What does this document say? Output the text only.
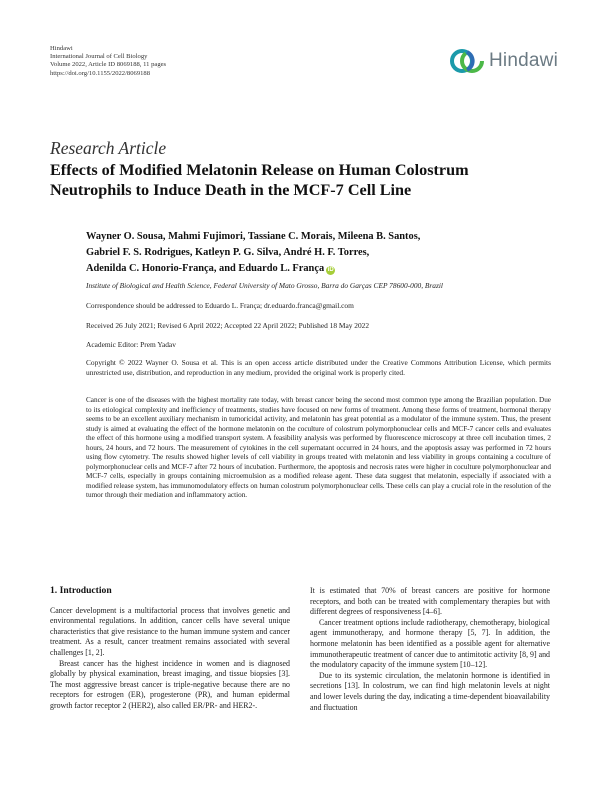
Hindawi
International Journal of Cell Biology
Volume 2022, Article ID 8069188, 11 pages
https://doi.org/10.1155/2022/8069188
Hindawi
Research Article
Effects of Modified Melatonin Release on Human Colostrum Neutrophils to Induce Death in the MCF-7 Cell Line
Wayner O. Sousa, Mahmi Fujimori, Tassiane C. Morais, Mileena B. Santos,
Gabriel F. S. Rodrigues, Katleyn P. G. Silva, André H. F. Torres,
Adenilda C. Honorio-França, and Eduardo L. França iD
Institute of Biological and Health Science, Federal University of Mato Grosso, Barra do Garças CEP 78600-000, Brazil
Correspondence should be addressed to Eduardo L. França; dr.eduardo.franca@gmail.com
Received 26 July 2021; Revised 6 April 2022; Accepted 22 April 2022; Published 18 May 2022
Academic Editor: Prem Yadav
Copyright © 2022 Wayner O. Sousa et al. This is an open access article distributed under the Creative Commons Attribution License, which permits unrestricted use, distribution, and reproduction in any medium, provided the original work is properly cited.
Cancer is one of the diseases with the highest mortality rate today, with breast cancer being the second most common type among the Brazilian population. Due to its etiological complexity and inefficiency of treatments, studies have focused on new forms of treatment. Among these forms of treatment, hormonal therapy seems to be an excellent auxiliary mechanism in tumoricidal activity, and melatonin has great potential as a modulator of the immune system. Thus, the present study is aimed at evaluating the effect of the hormone melatonin on the coculture of colostrum polymorphonuclear cells and MCF-7 cancer cells and evaluates the effect of this hormone using a modified transport system. A feasibility analysis was performed by fluorescence microscopy at three cell incubation times, 2 hours, 24 hours, and 72 hours. The measurement of cytokines in the cell supernatant occurred in 24 hours, and the apoptosis assay was performed in 72 hours using flow cytometry. The results showed higher levels of cell viability in groups treated with melatonin and less viability in groups containing a coculture of polymorphonuclear cells and MCF-7 after 72 hours of incubation. Furthermore, the apoptosis and necrosis rates were higher in coculture polymorphonuclear and MCF-7 cells, especially in groups containing microemulsion as a modified release agent. These data suggest that melatonin, especially if associated with a modified release system, has immunomodulatory effects on human colostrum polymorphonuclear cells. These cells can play a crucial role in the resolution of the tumor through their mediation and inflammatory action.
1. Introduction

Cancer development is a multifactorial process that involves genetic and environmental regulations. In addition, cancer cells have several unique characteristics that give resistance to the human immune system and cancer treatment. As a result, cancer treatment remains associated with several challenges [1, 2].

Breast cancer has the highest incidence in women and is diagnosed globally by physical examination, breast imaging, and tissue biopsies [3]. The most aggressive breast cancer is triple-negative because there are no receptors for estrogen (ER), progesterone (PR), and human epidermal growth factor receptor 2 (HER2), also called ER/PR- and HER2-.

It is estimated that 70% of breast cancers are positive for hormone receptors, and both can be treated with complementary therapies but with different degrees of responsiveness [4–6].

Cancer treatment options include radiotherapy, chemotherapy, biological agent immunotherapy, and hormone therapy [5, 7]. In addition, the hormone melatonin has been identified as a possible agent for alternative immunotherapeutic treatment of cancer due to antimitotic activity [8, 9] and the modulatory capacity of the immune system [10–12].

Due to its systemic circulation, the melatonin hormone is identified in secretions [13]. In colostrum, we can find high melatonin levels at night and lower levels during the day, indicating a time-dependent bioavailability and fluctuation
